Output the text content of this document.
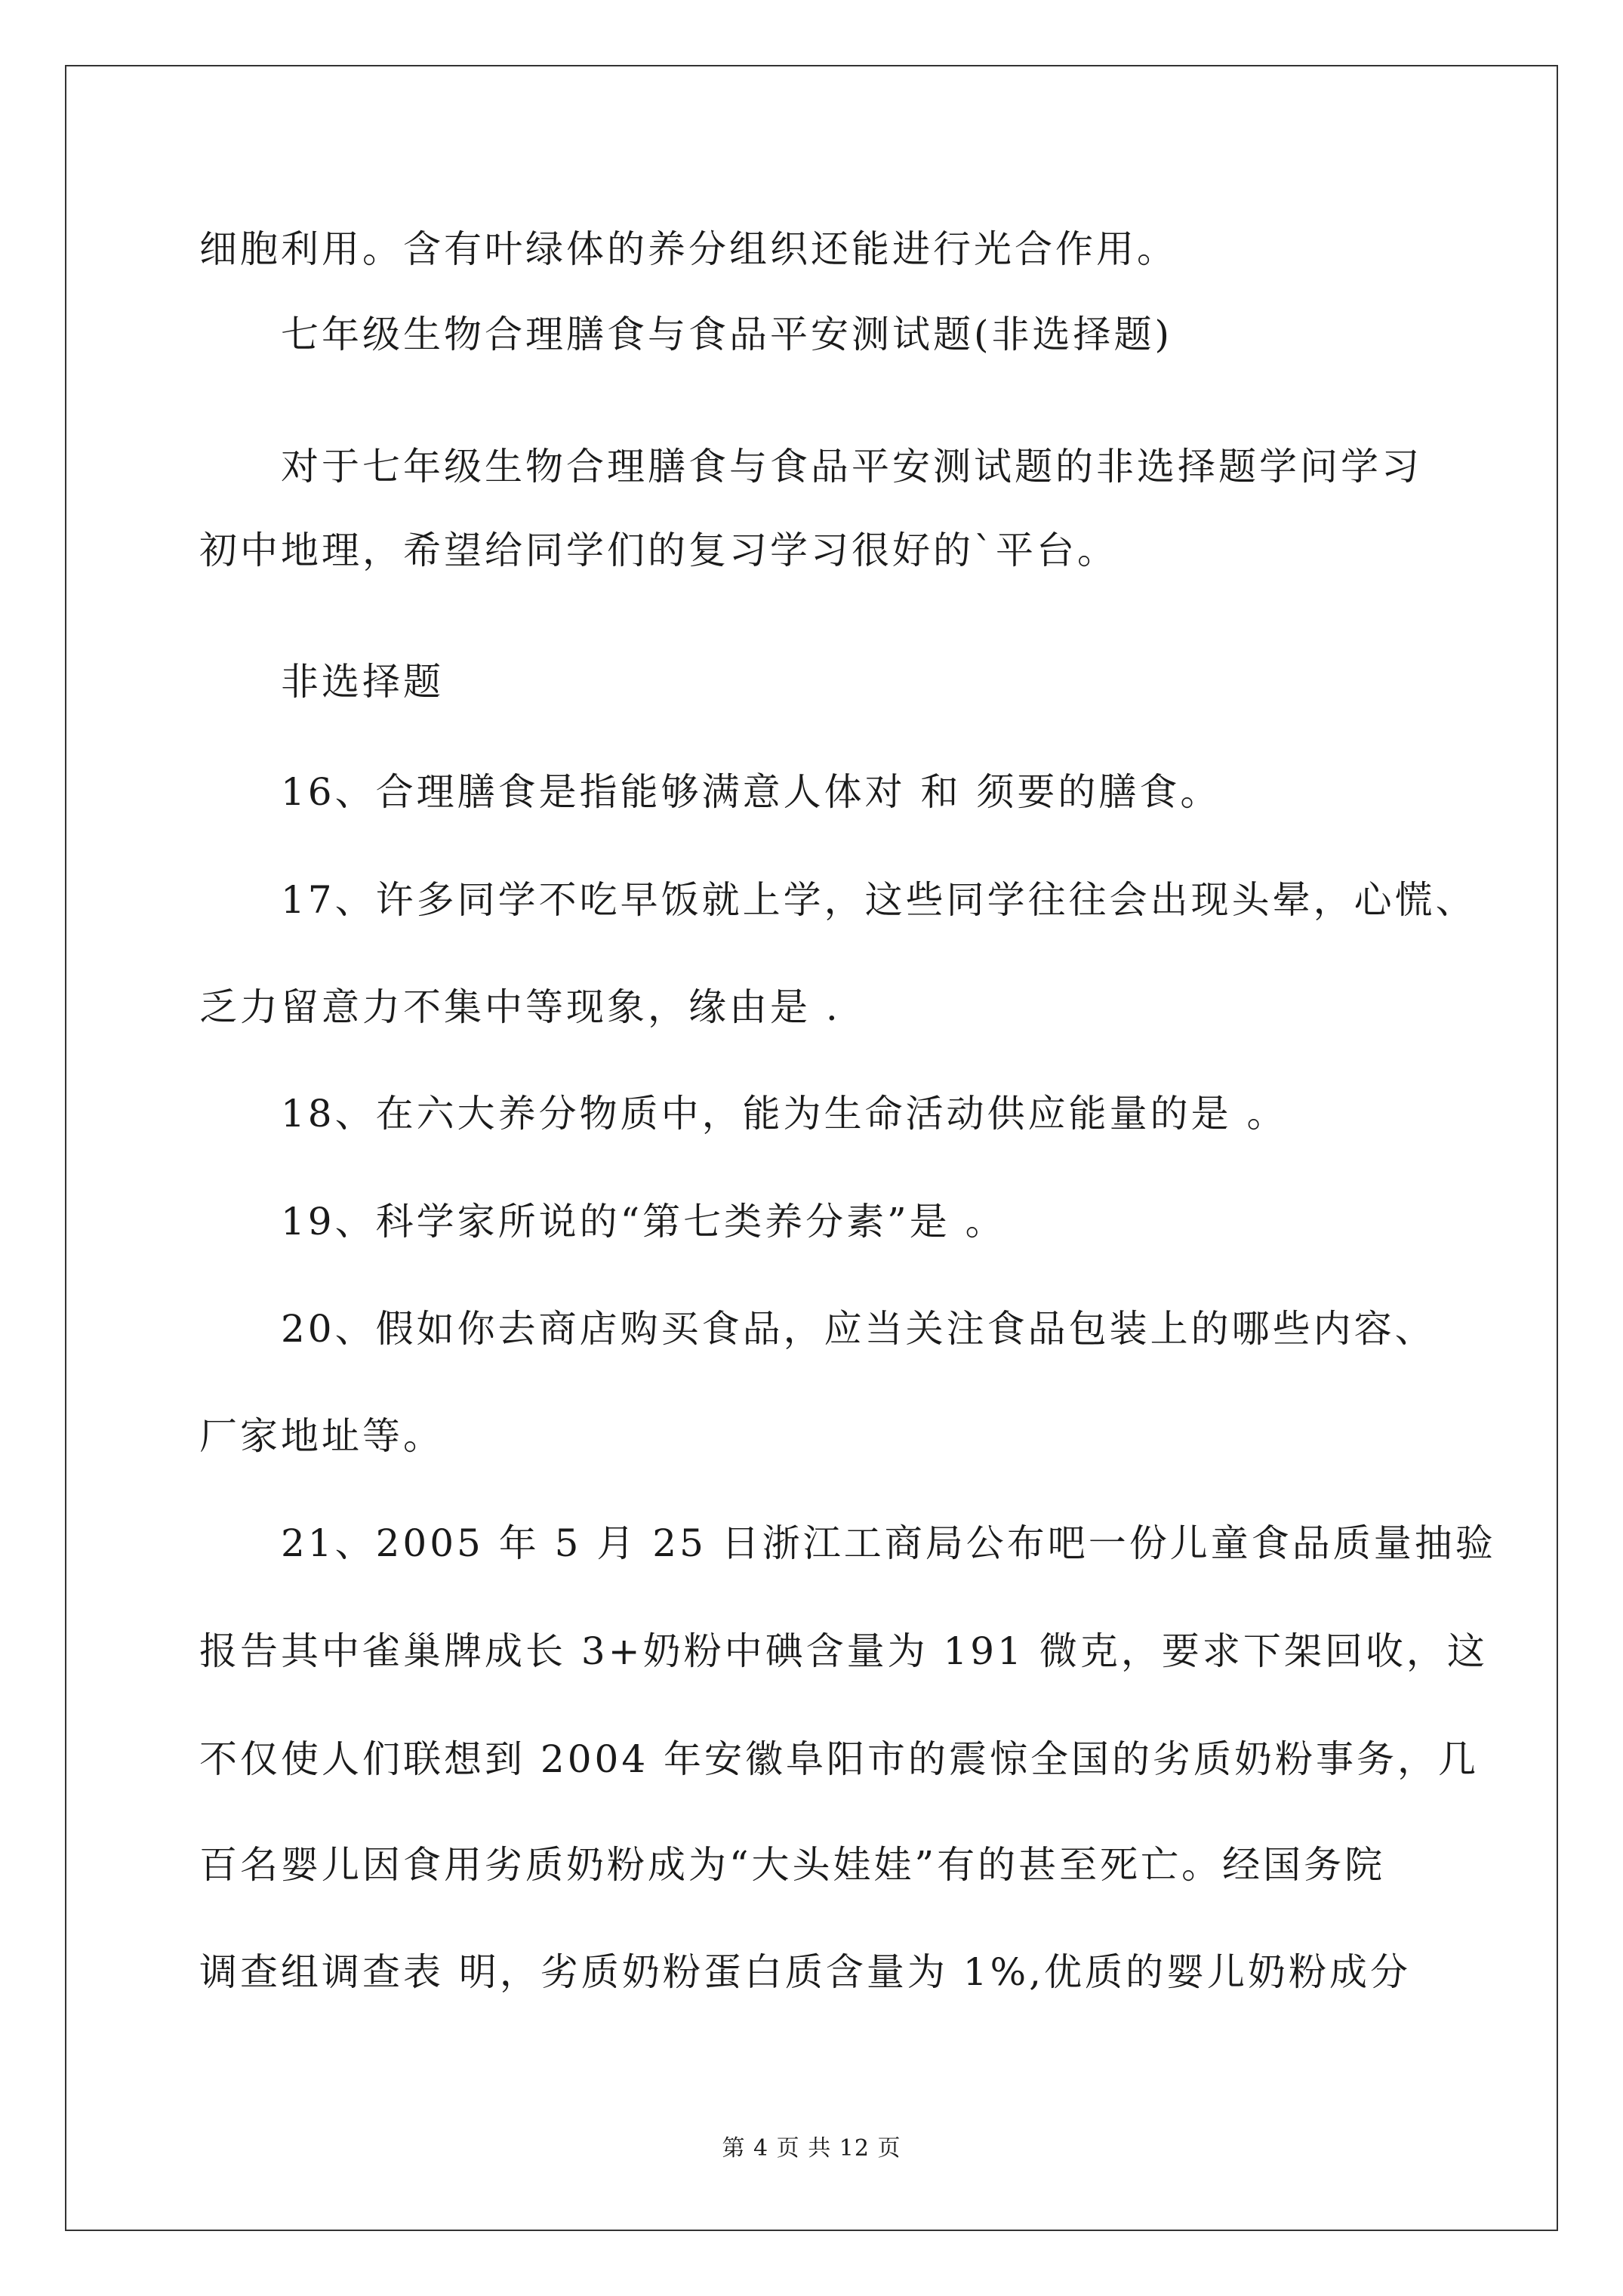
细胞利用。含有叶绿体的养分组织还能进行光合作用。
七年级生物合理膳食与食品平安测试题(非选择题)
对于七年级生物合理膳食与食品平安测试题的非选择题学问学习
初中地理，希望给同学们的复习学习很好的`平台。
非选择题
16、合理膳食是指能够满意人体对 和 须要的膳食。
17、许多同学不吃早饭就上学，这些同学往往会出现头晕，心慌、
乏力留意力不集中等现象，缘由是 .
18、在六大养分物质中，能为生命活动供应能量的是 。
19、科学家所说的“第七类养分素”是 。
20、假如你去商店购买食品，应当关注食品包装上的哪些内容、
厂家地址等。
21、2005 年 5 月 25 日浙江工商局公布吧一份儿童食品质量抽验
报告其中雀巢牌成长 3+奶粉中碘含量为 191 微克，要求下架回收，这
不仅使人们联想到 2004 年安徽阜阳市的震惊全国的劣质奶粉事务，几
百名婴儿因食用劣质奶粉成为“大头娃娃”有的甚至死亡。经国务院
调查组调查表 明，劣质奶粉蛋白质含量为 1%,优质的婴儿奶粉成分
第 4 页 共 12 页
